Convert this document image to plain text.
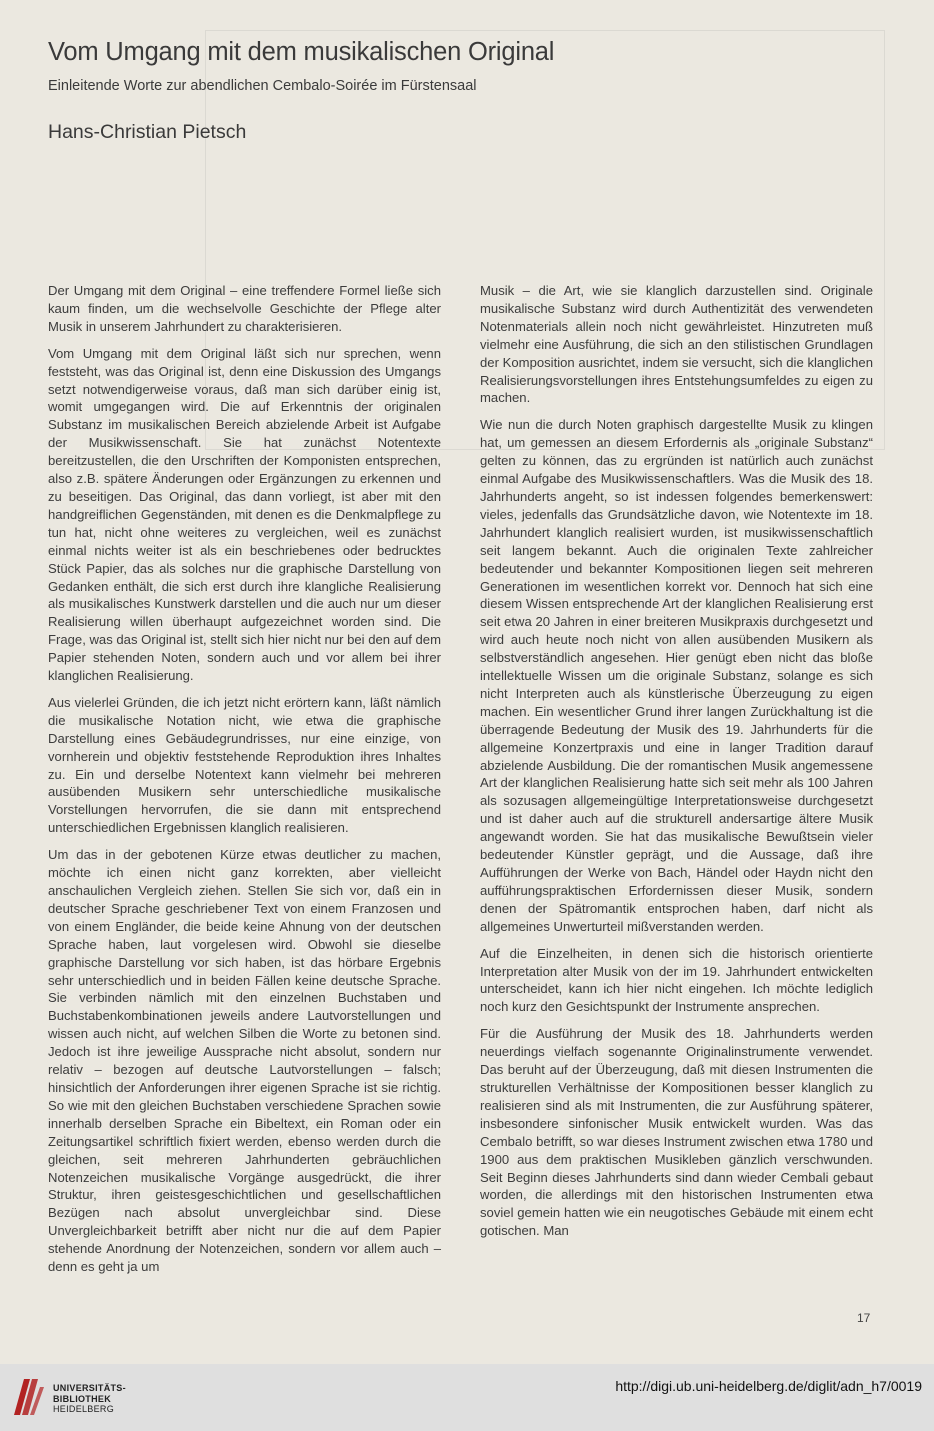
Vom Umgang mit dem musikalischen Original
Einleitende Worte zur abendlichen Cembalo-Soirée im Fürstensaal
Hans-Christian Pietsch

Der Umgang mit dem Original – eine treffendere Formel ließe sich kaum finden, um die wechselvolle Geschichte der Pflege alter Musik in unserem Jahrhundert zu charakterisieren.

Vom Umgang mit dem Original läßt sich nur sprechen, wenn feststeht, was das Original ist, denn eine Diskussion des Umgangs setzt notwendigerweise voraus, daß man sich darüber einig ist, womit umgegangen wird. Die auf Erkenntnis der originalen Substanz im musikalischen Bereich abzielende Arbeit ist Aufgabe der Musikwissenschaft. Sie hat zunächst Notentexte bereitzustellen, die den Urschriften der Komponisten entsprechen, also z.B. spätere Änderungen oder Ergänzungen zu erkennen und zu beseitigen. Das Original, das dann vorliegt, ist aber mit den handgreiflichen Gegenständen, mit denen es die Denkmalpflege zu tun hat, nicht ohne weiteres zu vergleichen, weil es zunächst einmal nichts weiter ist als ein beschriebenes oder bedrucktes Stück Papier, das als solches nur die graphische Darstellung von Gedanken enthält, die sich erst durch ihre klangliche Realisierung als musikalisches Kunstwerk darstellen und die auch nur um dieser Realisierung willen überhaupt aufgezeichnet worden sind. Die Frage, was das Original ist, stellt sich hier nicht nur bei den auf dem Papier stehenden Noten, sondern auch und vor allem bei ihrer klanglichen Realisierung.

Aus vielerlei Gründen, die ich jetzt nicht erörtern kann, läßt nämlich die musikalische Notation nicht, wie etwa die graphische Darstellung eines Gebäudegrundrisses, nur eine einzige, von vornherein und objektiv feststehende Reproduktion ihres Inhaltes zu. Ein und derselbe Notentext kann vielmehr bei mehreren ausübenden Musikern sehr unterschiedliche musikalische Vorstellungen hervorrufen, die sie dann mit entsprechend unterschiedlichen Ergebnissen klanglich realisieren.

Um das in der gebotenen Kürze etwas deutlicher zu machen, möchte ich einen nicht ganz korrekten, aber vielleicht anschaulichen Vergleich ziehen. Stellen Sie sich vor, daß ein in deutscher Sprache geschriebener Text von einem Franzosen und von einem Engländer, die beide keine Ahnung von der deutschen Sprache haben, laut vorgelesen wird. Obwohl sie dieselbe graphische Darstellung vor sich haben, ist das hörbare Ergebnis sehr unterschiedlich und in beiden Fällen keine deutsche Sprache. Sie verbinden nämlich mit den einzelnen Buchstaben und Buchstabenkombinationen jeweils andere Lautvorstellungen und wissen auch nicht, auf welchen Silben die Worte zu betonen sind. Jedoch ist ihre jeweilige Aussprache nicht absolut, sondern nur relativ – bezogen auf deutsche Lautvorstellungen – falsch; hinsichtlich der Anforderungen ihrer eigenen Sprache ist sie richtig. So wie mit den gleichen Buchstaben verschiedene Sprachen sowie innerhalb derselben Sprache ein Bibeltext, ein Roman oder ein Zeitungsartikel schriftlich fixiert werden, ebenso werden durch die gleichen, seit mehreren Jahrhunderten gebräuchlichen Notenzeichen musikalische Vorgänge ausgedrückt, die ihrer Struktur, ihren geistesgeschichtlichen und gesellschaftlichen Bezügen nach absolut unvergleichbar sind. Diese Unvergleichbarkeit betrifft aber nicht nur die auf dem Papier stehende Anordnung der Notenzeichen, sondern vor allem auch – denn es geht ja um

Musik – die Art, wie sie klanglich darzustellen sind. Originale musikalische Substanz wird durch Authentizität des verwendeten Notenmaterials allein noch nicht gewährleistet. Hinzutreten muß vielmehr eine Ausführung, die sich an den stilistischen Grundlagen der Komposition ausrichtet, indem sie versucht, sich die klanglichen Realisierungsvorstellungen ihres Entstehungsumfeldes zu eigen zu machen.

Wie nun die durch Noten graphisch dargestellte Musik zu klingen hat, um gemessen an diesem Erfordernis als „originale Substanz“ gelten zu können, das zu ergründen ist natürlich auch zunächst einmal Aufgabe des Musikwissenschaftlers. Was die Musik des 18. Jahrhunderts angeht, so ist indessen folgendes bemerkenswert: vieles, jedenfalls das Grundsätzliche davon, wie Notentexte im 18. Jahrhundert klanglich realisiert wurden, ist musikwissenschaftlich seit langem bekannt. Auch die originalen Texte zahlreicher bedeutender und bekannter Kompositionen liegen seit mehreren Generationen im wesentlichen korrekt vor. Dennoch hat sich eine diesem Wissen entsprechende Art der klanglichen Realisierung erst seit etwa 20 Jahren in einer breiteren Musikpraxis durchgesetzt und wird auch heute noch nicht von allen ausübenden Musikern als selbstverständlich angesehen. Hier genügt eben nicht das bloße intellektuelle Wissen um die originale Substanz, solange es sich nicht Interpreten auch als künstlerische Überzeugung zu eigen machen. Ein wesentlicher Grund ihrer langen Zurückhaltung ist die überragende Bedeutung der Musik des 19. Jahrhunderts für die allgemeine Konzertpraxis und eine in langer Tradition darauf abzielende Ausbildung. Die der romantischen Musik angemessene Art der klanglichen Realisierung hatte sich seit mehr als 100 Jahren als sozusagen allgemeingültige Interpretationsweise durchgesetzt und ist daher auch auf die strukturell andersartige ältere Musik angewandt worden. Sie hat das musikalische Bewußtsein vieler bedeutender Künstler geprägt, und die Aussage, daß ihre Aufführungen der Werke von Bach, Händel oder Haydn nicht den aufführungspraktischen Erfordernissen dieser Musik, sondern denen der Spätromantik entsprochen haben, darf nicht als allgemeines Unwerturteil mißverstanden werden.

Auf die Einzelheiten, in denen sich die historisch orientierte Interpretation alter Musik von der im 19. Jahrhundert entwickelten unterscheidet, kann ich hier nicht eingehen. Ich möchte lediglich noch kurz den Gesichtspunkt der Instrumente ansprechen.

Für die Ausführung der Musik des 18. Jahrhunderts werden neuerdings vielfach sogenannte Originalinstrumente verwendet. Das beruht auf der Überzeugung, daß mit diesen Instrumenten die strukturellen Verhältnisse der Kompositionen besser klanglich zu realisieren sind als mit Instrumenten, die zur Ausführung späterer, insbesondere sinfonischer Musik entwickelt wurden. Was das Cembalo betrifft, so war dieses Instrument zwischen etwa 1780 und 1900 aus dem praktischen Musikleben gänzlich verschwunden. Seit Beginn dieses Jahrhunderts sind dann wieder Cembali gebaut worden, die allerdings mit den historischen Instrumenten etwa soviel gemein hatten wie ein neugotisches Gebäude mit einem echt gotischen. Man

17
UNIVERSITÄTS-
BIBLIOTHEK
HEIDELBERG
http://digi.ub.uni-heidelberg.de/diglit/adn_h7/0019
